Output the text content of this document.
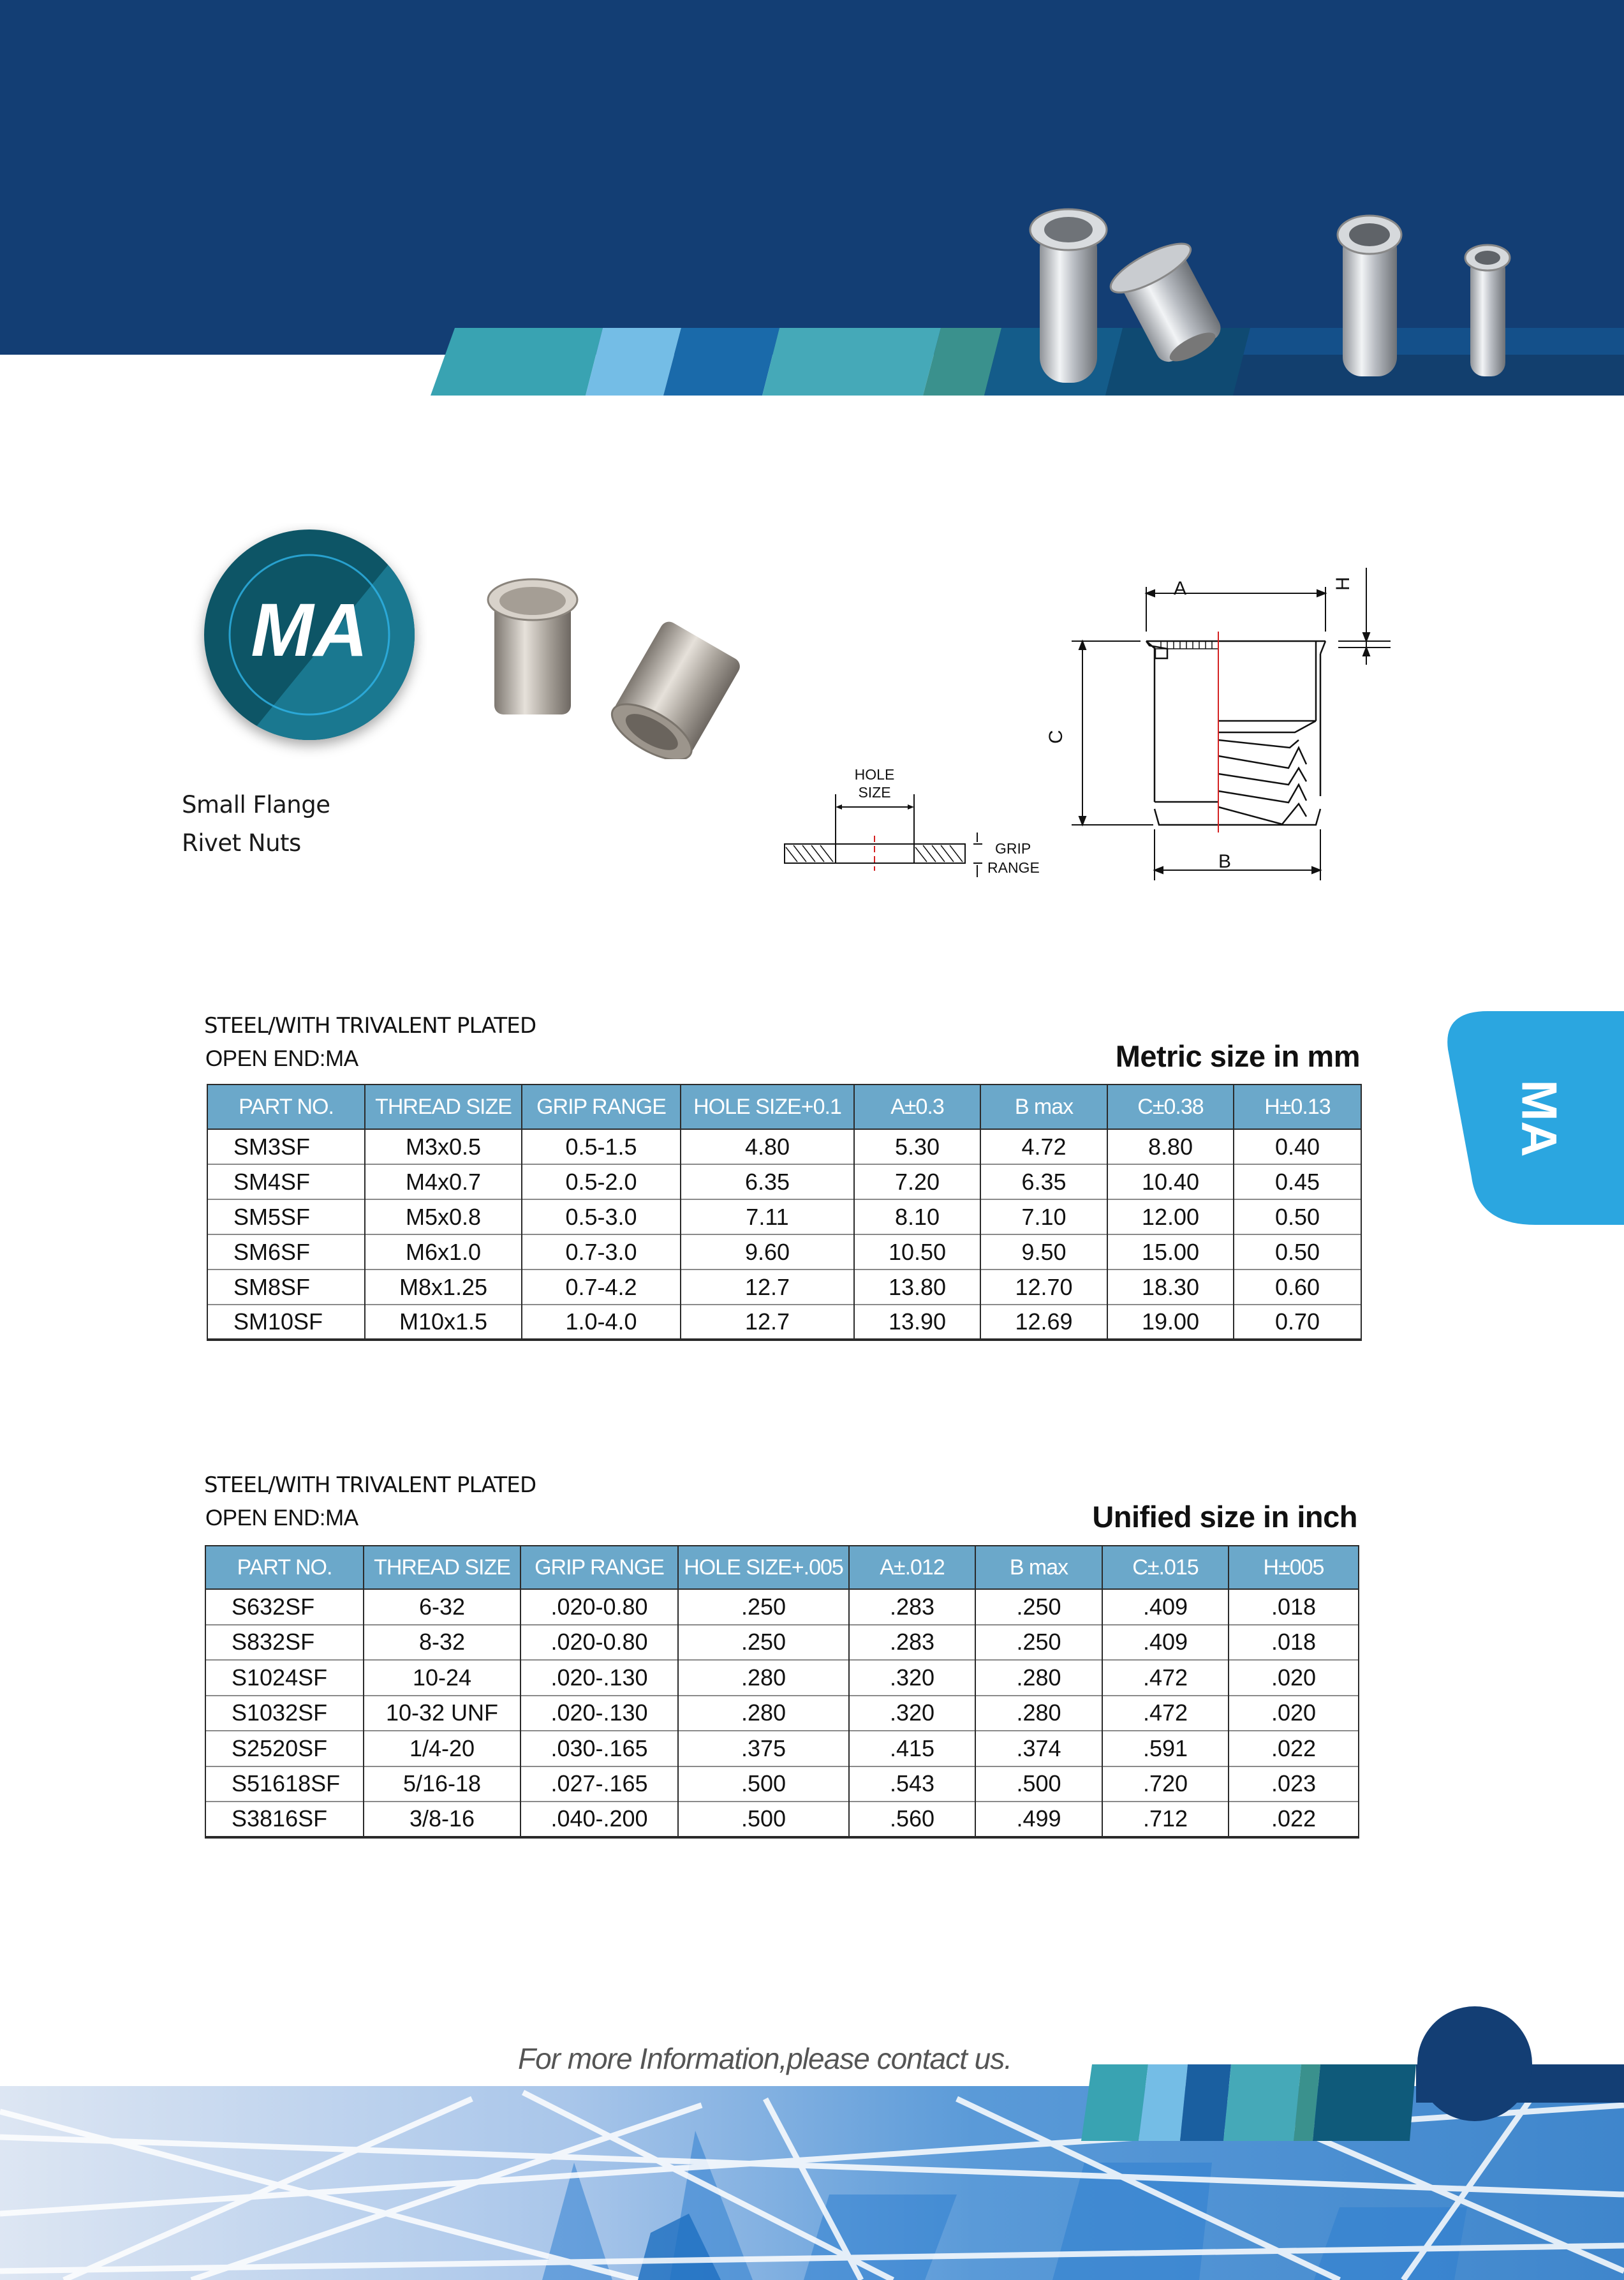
MA
Small Flange
Rivet Nuts
A
B
C
H
HOLE
SIZE
GRIP
RANGE
MA
STEEL/WITH TRIVALENT PLATED
OPEN END:MA	Metric size in mm
PART NO.	THREAD SIZE	GRIP RANGE	HOLE SIZE+0.1	A±0.3	B max	C±0.38	H±0.13
SM3SF	M3x0.5	0.5-1.5	4.80	5.30	4.72	8.80	0.40
SM4SF	M4x0.7	0.5-2.0	6.35	7.20	6.35	10.40	0.45
SM5SF	M5x0.8	0.5-3.0	7.11	8.10	7.10	12.00	0.50
SM6SF	M6x1.0	0.7-3.0	9.60	10.50	9.50	15.00	0.50
SM8SF	M8x1.25	0.7-4.2	12.7	13.80	12.70	18.30	0.60
SM10SF	M10x1.5	1.0-4.0	12.7	13.90	12.69	19.00	0.70
STEEL/WITH TRIVALENT PLATED
OPEN END:MA	Unified size in inch
PART NO.	THREAD SIZE	GRIP RANGE	HOLE SIZE+.005	A±.012	B max	C±.015	H±005
S632SF	6-32	.020-0.80	.250	.283	.250	.409	.018
S832SF	8-32	.020-0.80	.250	.283	.250	.409	.018
S1024SF	10-24	.020-.130	.280	.320	.280	.472	.020
S1032SF	10-32 UNF	.020-.130	.280	.320	.280	.472	.020
S2520SF	1/4-20	.030-.165	.375	.415	.374	.591	.022
S51618SF	5/16-18	.027-.165	.500	.543	.500	.720	.023
S3816SF	3/8-16	.040-.200	.500	.560	.499	.712	.022
For more Information,please contact us.
